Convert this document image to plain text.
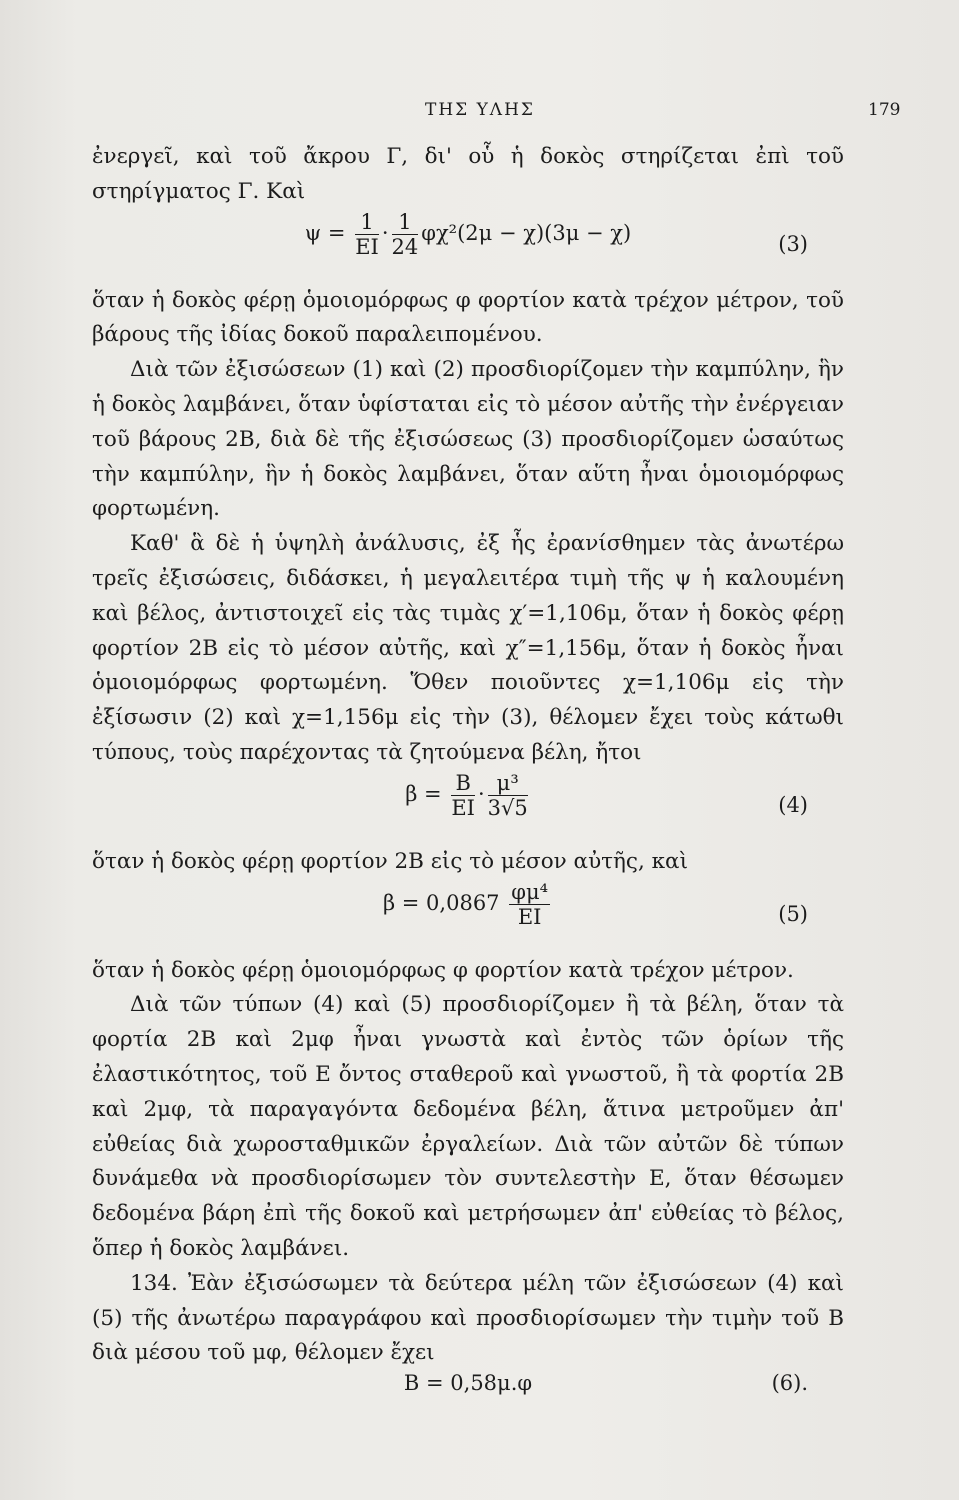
ΤΗΣ ΥΛΗΣ	179

ἐνεργεῖ, καὶ τοῦ ἄκρου Γ, δι' οὗ ἡ δοκὸς στηρίζεται ἐπὶ τοῦ στηρίγματος Γ. Καὶ

$\psi = \frac{1}{EI} \cdot \frac{1}{24} \varphi\chi^2(2\mu - \chi)(3\mu - \chi)$	(3)

ὅταν ἡ δοκὸς φέρῃ ὁμοιομόρφως φ φορτίον κατὰ τρέχον μέτρον, τοῦ βάρους τῆς ἰδίας δοκοῦ παραλειπομένου.

Διὰ τῶν ἐξισώσεων (1) καὶ (2) προσδιορίζομεν τὴν καμπύλην, ἣν ἡ δοκὸς λαμβάνει, ὅταν ὑφίσταται εἰς τὸ μέσον αὐτῆς τὴν ἐνέργειαν τοῦ βάρους 2Β, διὰ δὲ τῆς ἐξισώσεως (3) προσδιορίζομεν ὡσαύτως τὴν καμπύλην, ἣν ἡ δοκὸς λαμβάνει, ὅταν αὕτη ἦναι ὁμοιομόρφως φορτωμένη.

Καθ' ἃ δὲ ἡ ὑψηλὴ ἀνάλυσις, ἐξ ἧς ἐρανίσθημεν τὰς ἀνωτέρω τρεῖς ἐξισώσεις, διδάσκει, ἡ μεγαλειτέρα τιμὴ τῆς ψ ἡ καλουμένη καὶ βέλος, ἀντιστοιχεῖ εἰς τὰς τιμὰς χ′=1,106μ, ὅταν ἡ δοκὸς φέρῃ φορτίον 2Β εἰς τὸ μέσον αὐτῆς, καὶ χ″=1,156μ, ὅταν ἡ δοκὸς ἦναι ὁμοιομόρφως φορτωμένη. Ὅθεν ποιοῦντες χ=1,106μ εἰς τὴν ἐξίσωσιν (2) καὶ χ=1,156μ εἰς τὴν (3), θέλομεν ἔχει τοὺς κάτωθι τύπους, τοὺς παρέχοντας τὰ ζητούμενα βέλη, ἤτοι

$\beta = \frac{B}{EI} \cdot \frac{\text{μ³}}{3√5}$	(4)

ὅταν ἡ δοκὸς φέρῃ φορτίον 2Β εἰς τὸ μέσον αὐτῆς, καὶ

$\beta = 0,0867 \frac{\text{φμ⁴}}{EI}$	(5)

ὅταν ἡ δοκὸς φέρῃ ὁμοιομόρφως φ φορτίον κατὰ τρέχον μέτρον.

Διὰ τῶν τύπων (4) καὶ (5) προσδιορίζομεν ἢ τὰ βέλη, ὅταν τὰ φορτία 2Β καὶ 2μφ ἦναι γνωστὰ καὶ ἐντὸς τῶν ὁρίων τῆς ἐλαστικότητος, τοῦ Ε ὄντος σταθεροῦ καὶ γνωστοῦ, ἢ τὰ φορτία 2Β καὶ 2μφ, τὰ παραγαγόντα δεδομένα βέλη, ἅτινα μετροῦμεν ἀπ' εὐθείας διὰ χωροσταθμικῶν ἐργαλείων. Διὰ τῶν αὐτῶν δὲ τύπων δυνάμεθα νὰ προσδιορίσωμεν τὸν συντελεστὴν Ε, ὅταν θέσωμεν δεδομένα βάρη ἐπὶ τῆς δοκοῦ καὶ μετρήσωμεν ἀπ' εὐθείας τὸ βέλος, ὅπερ ἡ δοκὸς λαμβάνει.

134. Ἐὰν ἐξισώσωμεν τὰ δεύτερα μέλη τῶν ἐξισώσεων (4) καὶ (5) τῆς ἀνωτέρω παραγράφου καὶ προσδιορίσωμεν τὴν τιμὴν τοῦ Β διὰ μέσου τοῦ μφ, θέλομεν ἔχει

Β = 0,58μ.φ	(6).
